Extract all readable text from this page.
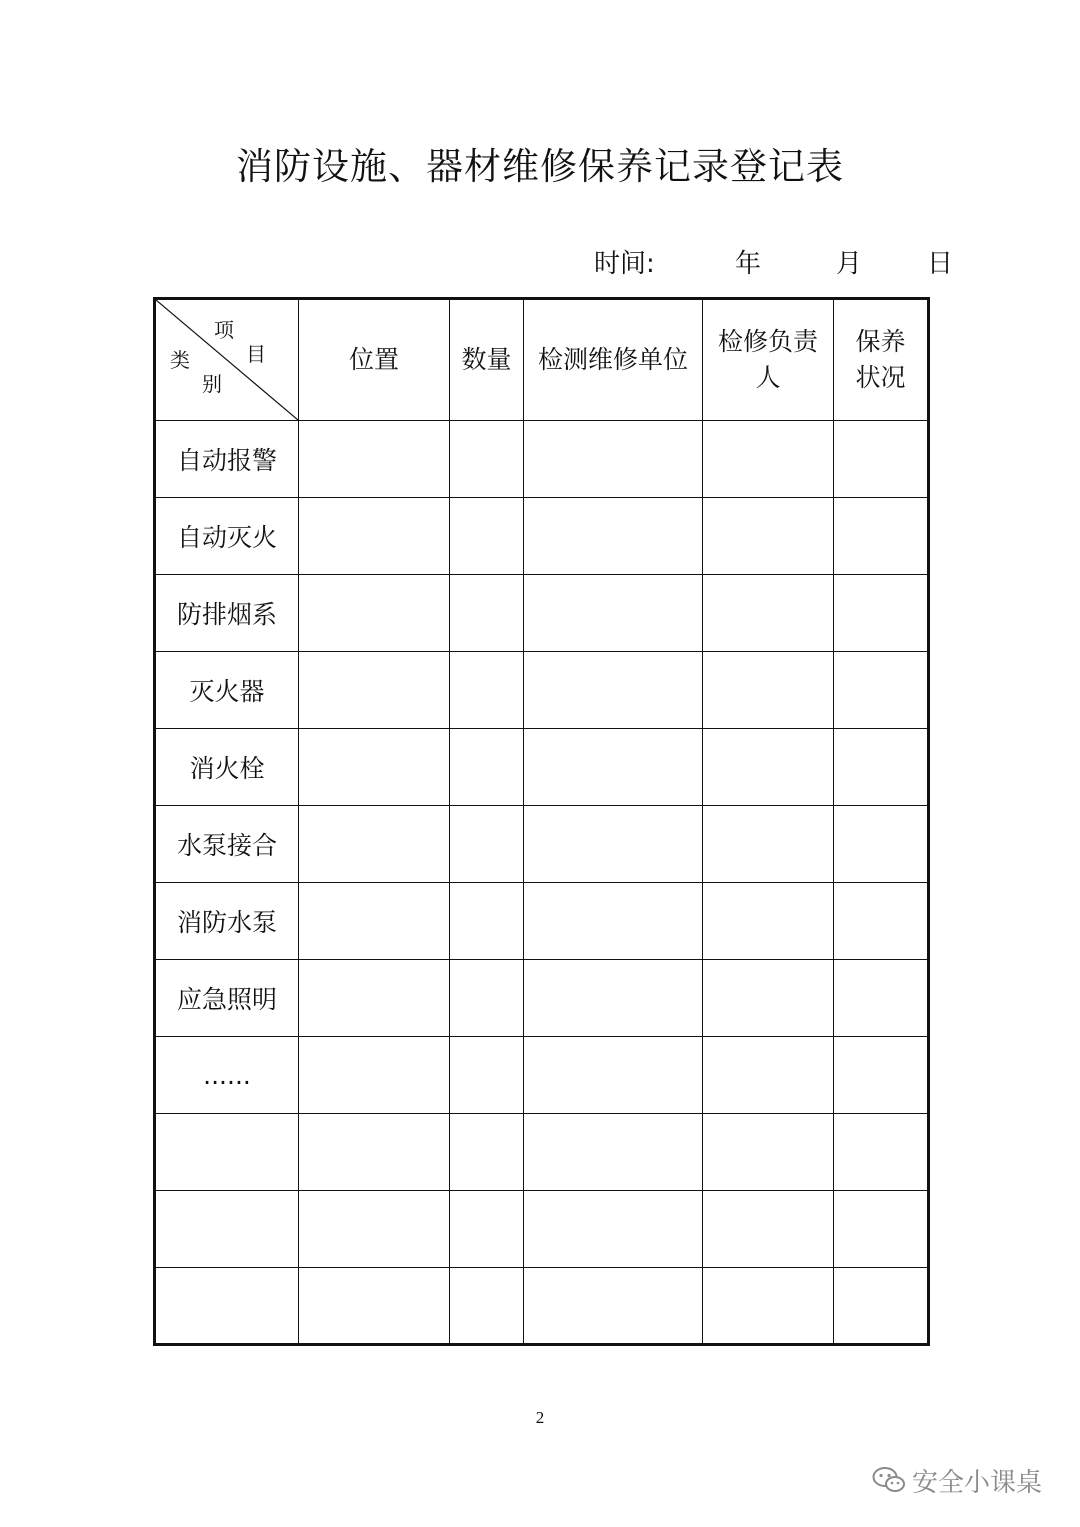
消防设施、器材维修保养记录登记表
时间:	年	月 日
项
目
类
别	位置	数量	检测维修单位	检修负责人	保养状况
自动报警					
自动灭火					
防排烟系					
灭火器					
消火栓					
水泵接合					
消防水泵					
应急照明					
......					

2
安全小课桌
